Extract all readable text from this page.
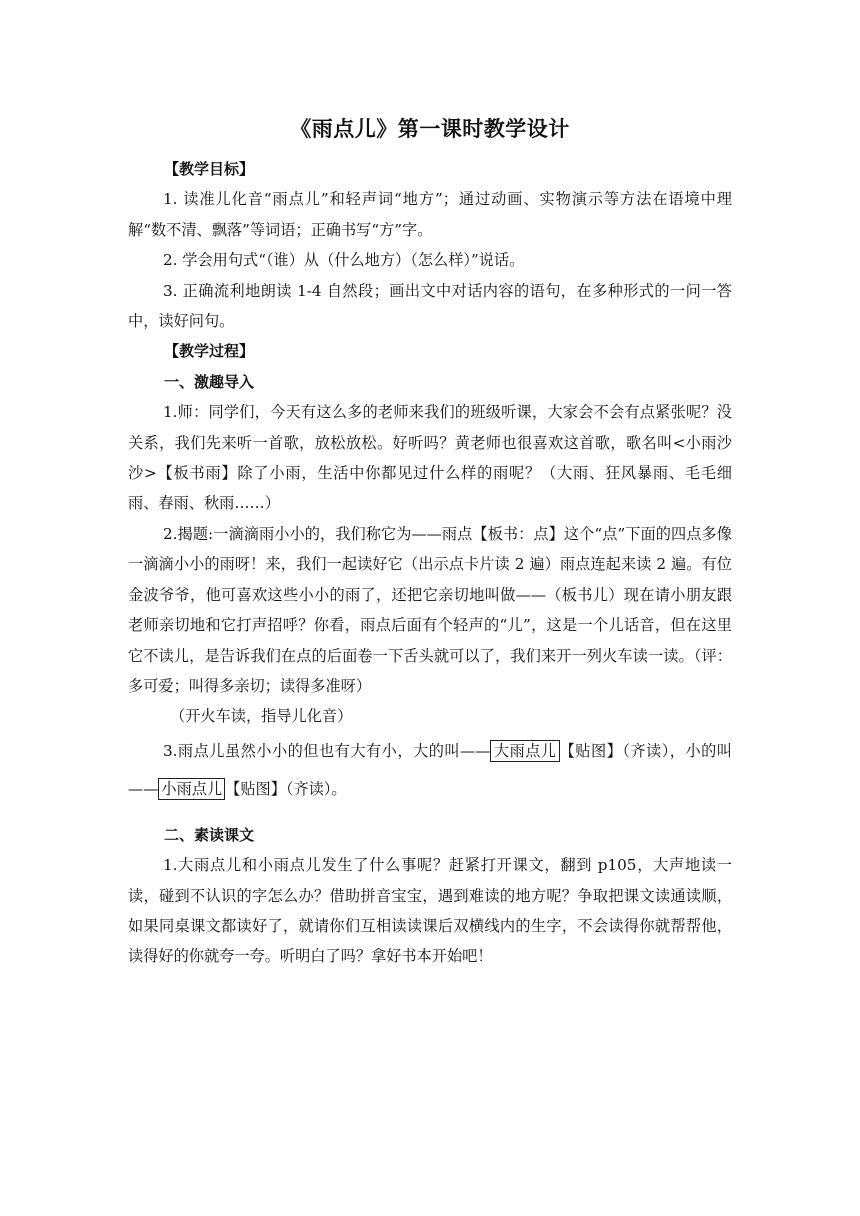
《雨点儿》第一课时教学设计

【教学目标】

1. 读准儿化音“雨点儿”和轻声词“地方”；通过动画、实物演示等方法在语境中理解“数不清、飘落”等词语；正确书写“方”字。

2. 学会用句式“（谁）从（什么地方）（怎么样）”说话。

3. 正确流利地朗读 1-4 自然段；画出文中对话内容的语句，在多种形式的一问一答中，读好问句。

【教学过程】

一、激趣导入

1.师：同学们，今天有这么多的老师来我们的班级听课，大家会不会有点紧张呢？没关系，我们先来听一首歌，放松放松。好听吗？黄老师也很喜欢这首歌，歌名叫<小雨沙沙>【板书雨】除了小雨，生活中你都见过什么样的雨呢？（大雨、狂风暴雨、毛毛细雨、春雨、秋雨……）

2.揭题:一滴滴雨小小的，我们称它为——雨点【板书：点】这个“点”下面的四点多像一滴滴小小的雨呀！来，我们一起读好它（出示点卡片读 2 遍）雨点连起来读 2 遍。有位金波爷爷，他可喜欢这些小小的雨了，还把它亲切地叫做——（板书儿）现在请小朋友跟老师亲切地和它打声招呼？你看，雨点后面有个轻声的“儿”，这是一个儿话音，但在这里它不读儿，是告诉我们在点的后面卷一下舌头就可以了，我们来开一列火车读一读。（评：多可爱；叫得多亲切；读得多准呀）

（开火车读，指导儿化音）

3.雨点儿虽然小小的但也有大有小，大的叫—— 大雨点儿 【贴图】（齐读），小的叫—— 小雨点儿 【贴图】（齐读）。

二、素读课文

1.大雨点儿和小雨点儿发生了什么事呢？赶紧打开课文，翻到 p105，大声地读一读，碰到不认识的字怎么办？借助拼音宝宝，遇到难读的地方呢？争取把课文读通读顺，如果同桌课文都读好了，就请你们互相读读课后双横线内的生字，不会读得你就帮帮他，读得好的你就夸一夸。听明白了吗？拿好书本开始吧！
